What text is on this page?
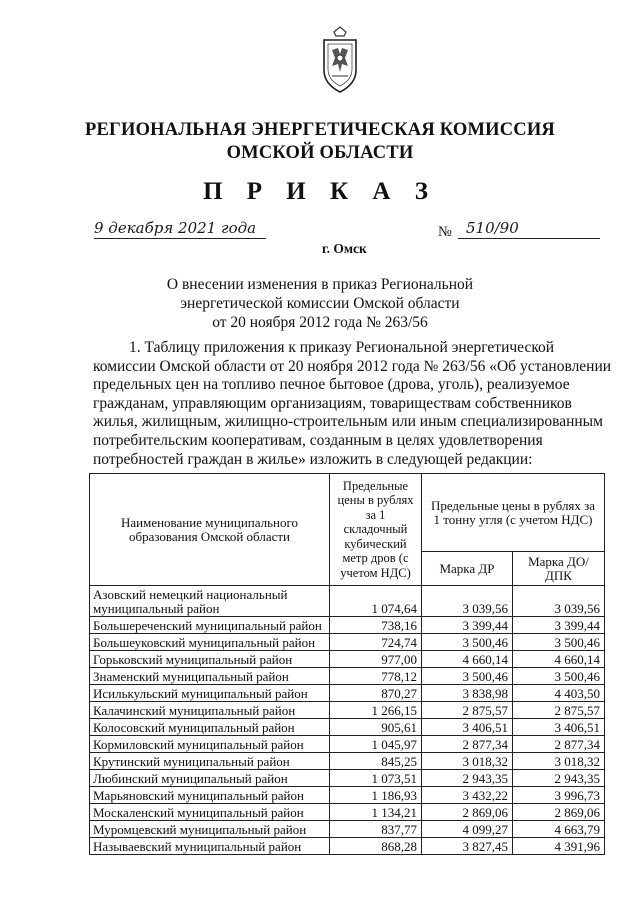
РЕГИОНАЛЬНАЯ ЭНЕРГЕТИЧЕСКАЯ КОМИССИЯ
ОМСКОЙ ОБЛАСТИ
П Р И К А З
9 декабря 2021 года	№ 510/90
г. Омск
О внесении изменения в приказ Региональной
энергетической комиссии Омской области
от 20 ноября 2012 года № 263/56
1. Таблицу приложения к приказу Региональной энергетической
комиссии Омской области от 20 ноября 2012 года № 263/56 «Об установлении
предельных цен на топливо печное бытовое (дрова, уголь), реализуемое
гражданам, управляющим организациям, товариществам собственников
жилья, жилищным, жилищно-строительным или иным специализированным
потребительским кооперативам, созданным в целях удовлетворения
потребностей граждан в жилье» изложить в следующей редакции:
Наименование муниципального образования Омской области	Предельные цены в рублях за 1 складочный кубический метр дров (с учетом НДС)	Предельные цены в рублях за 1 тонну угля (с учетом НДС)	
		Марка ДР	Марка ДО/ДПК
Азовский немецкий национальный муниципальный район	1 074,64	3 039,56	3 039,56
Большереченский муниципальный район	738,16	3 399,44	3 399,44
Большеуковский муниципальный район	724,74	3 500,46	3 500,46
Горьковский муниципальный район	977,00	4 660,14	4 660,14
Знаменский муниципальный район	778,12	3 500,46	3 500,46
Исилькульский муниципальный район	870,27	3 838,98	4 403,50
Калачинский муниципальный район	1 266,15	2 875,57	2 875,57
Колосовский муниципальный район	905,61	3 406,51	3 406,51
Кормиловский муниципальный район	1 045,97	2 877,34	2 877,34
Крутинский муниципальный район	845,25	3 018,32	3 018,32
Любинский муниципальный район	1 073,51	2 943,35	2 943,35
Марьяновский муниципальный район	1 186,93	3 432,22	3 996,73
Москаленский муниципальный район	1 134,21	2 869,06	2 869,06
Муромцевский муниципальный район	837,77	4 099,27	4 663,79
Называевский муниципальный район	868,28	3 827,45	4 391,96
